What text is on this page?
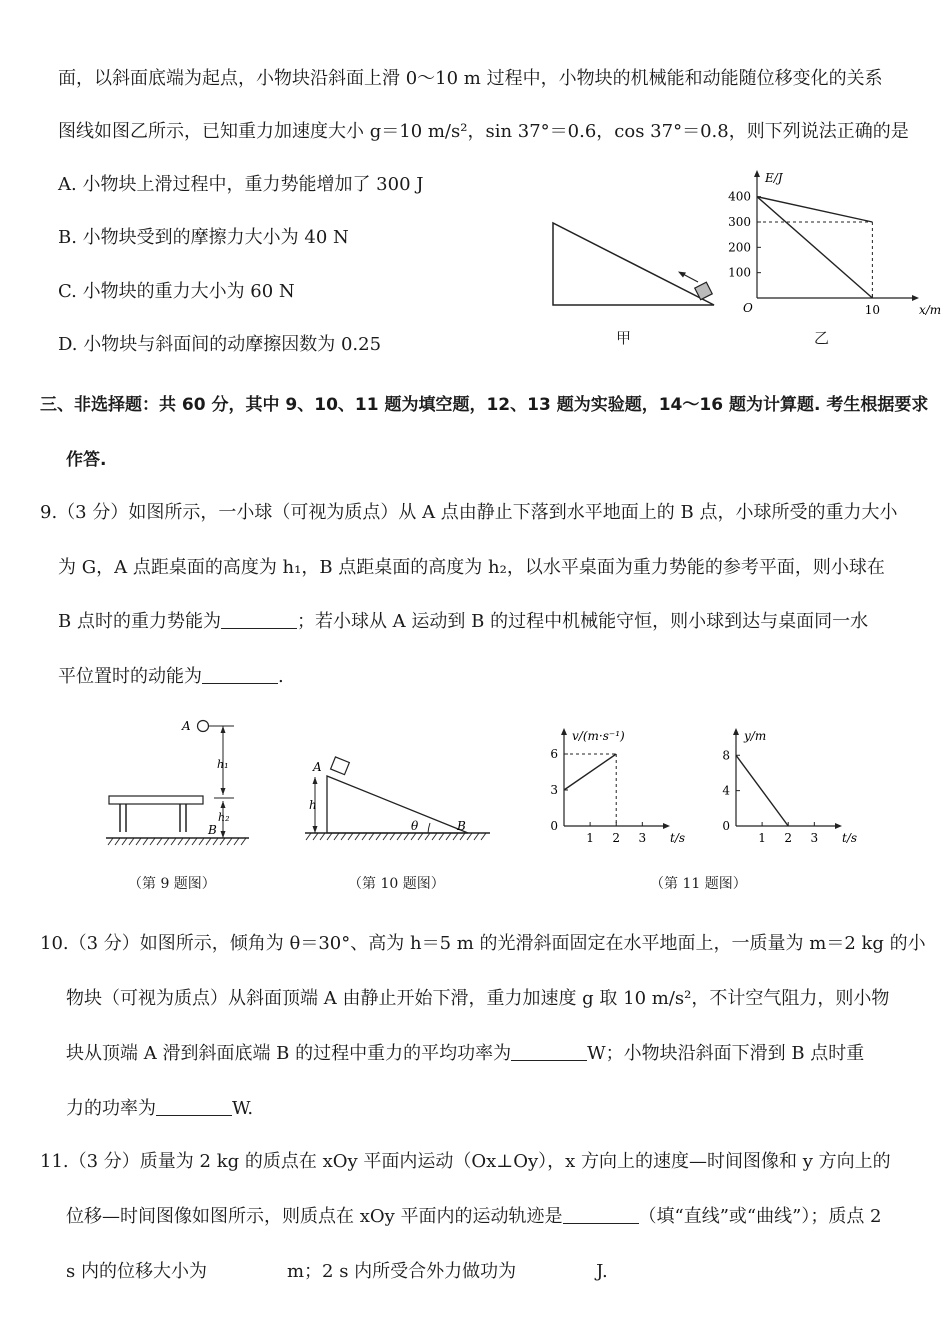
面，以斜面底端为起点，小物块沿斜面上滑 0～10 m 过程中，小物块的机械能和动能随位移变化的关系
图线如图乙所示，已知重力加速度大小 g＝10 m/s²，sin 37°＝0.6，cos 37°＝0.8，则下列说法正确的是
A. 小物块上滑过程中，重力势能增加了 300 J
B. 小物块受到的摩擦力大小为 40 N
C. 小物块的重力大小为 60 N
D. 小物块与斜面间的动摩擦因数为 0.25	甲
E/J
x/m
O
100
200
300
400
10
乙
三、非选择题：共 60 分，其中 9、10、11 题为填空题，12、13 题为实验题，14～16 题为计算题. 考生根据要求
作答.
9.（3 分）如图所示，一小球（可视为质点）从 A 点由静止下落到水平地面上的 B 点，小球所受的重力大小
为 G，A 点距桌面的高度为 h₁，B 点距桌面的高度为 h₂，以水平桌面为重力势能的参考平面，则小球在
B 点时的重力势能为	；若小球从 A 运动到 B 的过程中机械能守恒，则小球到达与桌面同一水
平位置时的动能为	.
A
h₁
h₂
B
A
h
θ	B
v/(m·s⁻¹)
t/s
0
3
6
1 2 3
y/m
t/s
0
4
8
1 2 3
（第 9 题图）	（第 10 题图）	（第 11 题图）
10.（3 分）如图所示，倾角为 θ＝30°、高为 h＝5 m 的光滑斜面固定在水平地面上，一质量为 m＝2 kg 的小
物块（可视为质点）从斜面顶端 A 由静止开始下滑，重力加速度 g 取 10 m/s²，不计空气阻力，则小物
块从顶端 A 滑到斜面底端 B 的过程中重力的平均功率为	W；小物块沿斜面下滑到 B 点时重
力的功率为	W.
11.（3 分）质量为 2 kg 的质点在 xOy 平面内运动（Ox⊥Oy），x 方向上的速度—时间图像和 y 方向上的
位移—时间图像如图所示，则质点在 xOy 平面内的运动轨迹是	（填“直线”或“曲线”）；质点 2
s 内的位移大小为	m；2 s 内所受合外力做功为	J.
